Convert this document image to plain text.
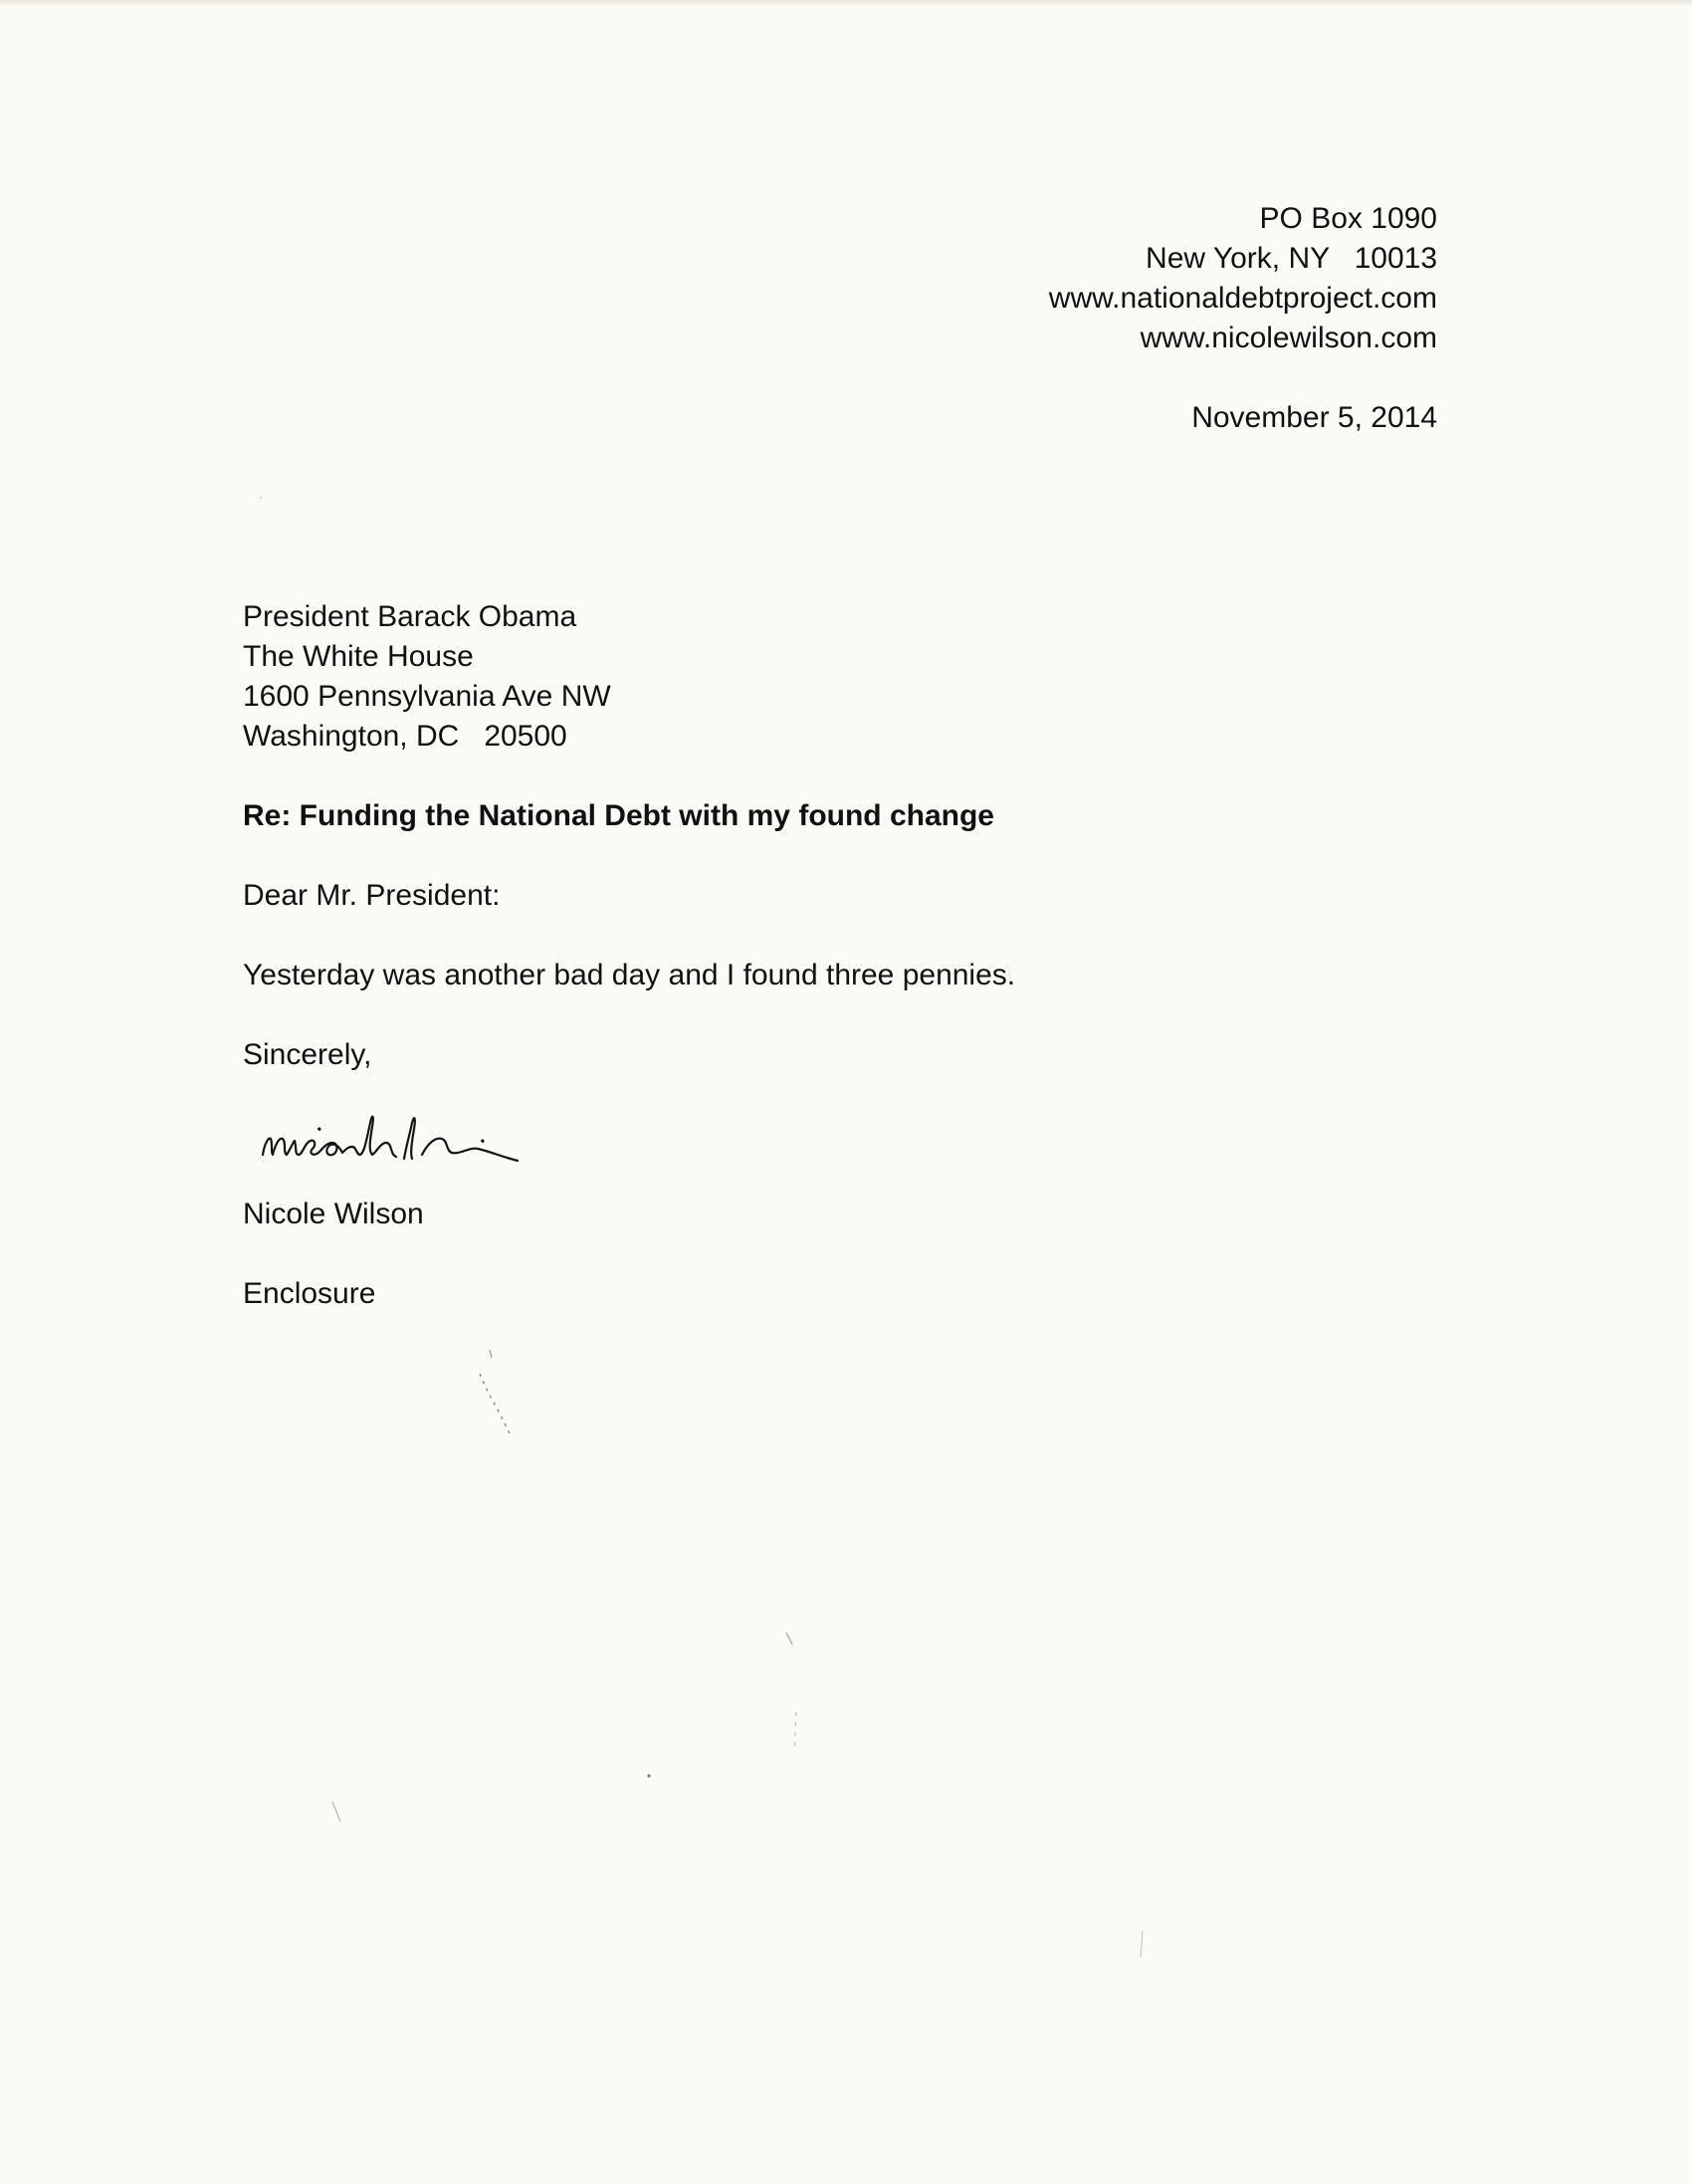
PO Box 1090
New York, NY   10013
www.nationaldebtproject.com
www.nicolewilson.com
November 5, 2014
President Barack Obama
The White House
1600 Pennsylvania Ave NW
Washington, DC   20500
Re: Funding the National Debt with my found change
Dear Mr. President:
Yesterday was another bad day and I found three pennies.
Sincerely,
Nicole Wilson
Enclosure
